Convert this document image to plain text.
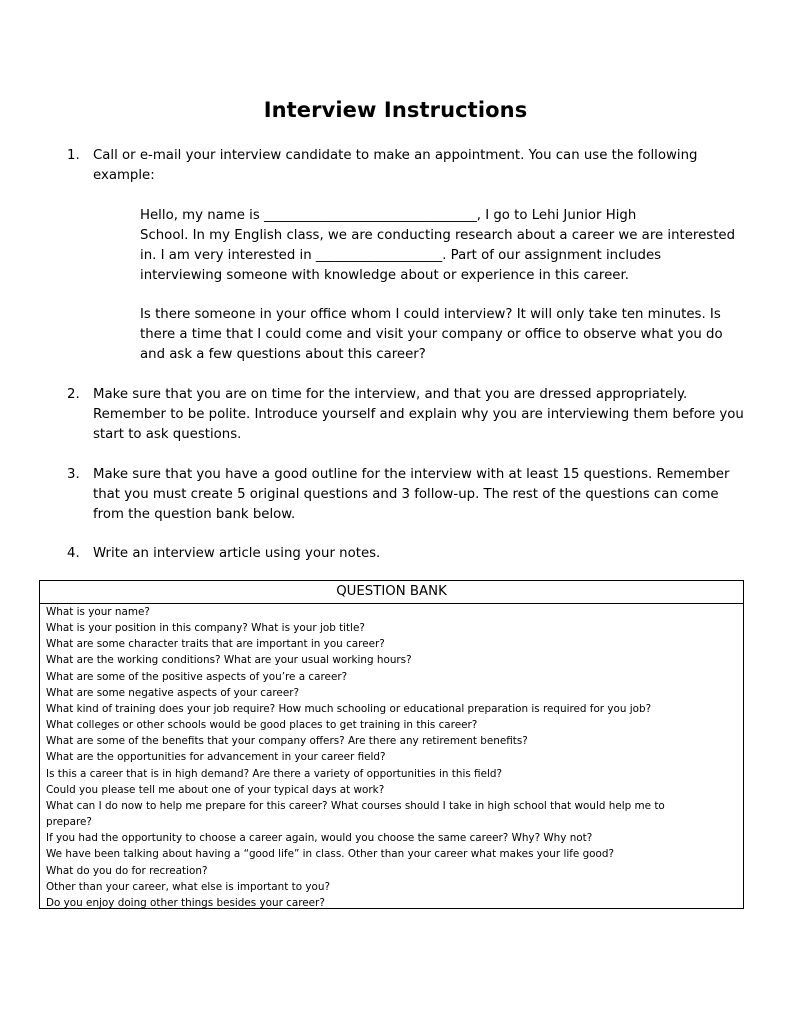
Interview Instructions
1.	Call or e-mail your interview candidate to make an appointment. You can use the following
example:
Hello, my name is ________________________________, I go to Lehi Junior High
School. In my English class, we are conducting research about a career we are interested
in. I am very interested in ___________________. Part of our assignment includes
interviewing someone with knowledge about or experience in this career.
Is there someone in your office whom I could interview? It will only take ten minutes. Is
there a time that I could come and visit your company or office to observe what you do
and ask a few questions about this career?
2.	Make sure that you are on time for the interview, and that you are dressed appropriately.
Remember to be polite. Introduce yourself and explain why you are interviewing them before you
start to ask questions.
3.	Make sure that you have a good outline for the interview with at least 15 questions. Remember
that you must create 5 original questions and 3 follow-up. The rest of the questions can come
from the question bank below.
4.	Write an interview article using your notes.
QUESTION BANK
What is your name?
What is your position in this company? What is your job title?
What are some character traits that are important in you career?
What are the working conditions? What are your usual working hours?
What are some of the positive aspects of you’re a career?
What are some negative aspects of your career?
What kind of training does your job require? How much schooling or educational preparation is required for you job?
What colleges or other schools would be good places to get training in this career?
What are some of the benefits that your company offers? Are there any retirement benefits?
What are the opportunities for advancement in your career field?
Is this a career that is in high demand? Are there a variety of opportunities in this field?
Could you please tell me about one of your typical days at work?
What can I do now to help me prepare for this career? What courses should I take in high school that would help me to
prepare?
If you had the opportunity to choose a career again, would you choose the same career? Why? Why not?
We have been talking about having a “good life” in class. Other than your career what makes your life good?
What do you do for recreation?
Other than your career, what else is important to you?
Do you enjoy doing other things besides your career?
